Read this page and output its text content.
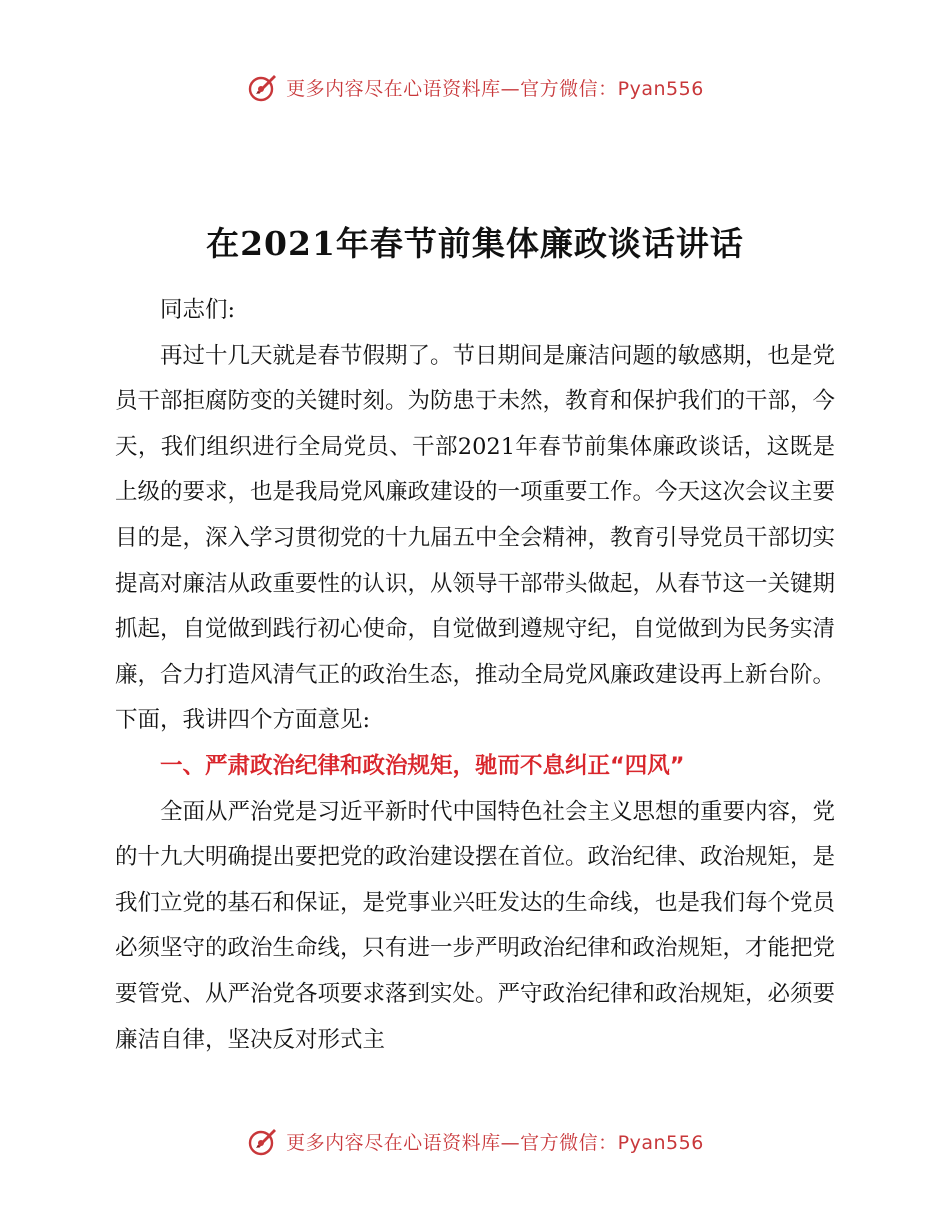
更多内容尽在心语资料库—官方微信：Pyan556
在2021年春节前集体廉政谈话讲话

同志们:

再过十几天就是春节假期了。节日期间是廉洁问题的敏感期，也是党员干部拒腐防变的关键时刻。为防患于未然，教育和保护我们的干部，今天，我们组织进行全局党员、干部2021年春节前集体廉政谈话，这既是上级的要求，也是我局党风廉政建设的一项重要工作。今天这次会议主要目的是，深入学习贯彻党的十九届五中全会精神，教育引导党员干部切实提高对廉洁从政重要性的认识，从领导干部带头做起，从春节这一关键期抓起，自觉做到践行初心使命，自觉做到遵规守纪，自觉做到为民务实清廉，合力打造风清气正的政治生态，推动全局党风廉政建设再上新台阶。下面，我讲四个方面意见:

一、严肃政治纪律和政治规矩，驰而不息纠正“四风”

全面从严治党是习近平新时代中国特色社会主义思想的重要内容，党的十九大明确提出要把党的政治建设摆在首位。政治纪律、政治规矩，是我们立党的基石和保证，是党事业兴旺发达的生命线，也是我们每个党员必须坚守的政治生命线，只有进一步严明政治纪律和政治规矩，才能把党要管党、从严治党各项要求落到实处。严守政治纪律和政治规矩，必须要廉洁自律，坚决反对形式主

更多内容尽在心语资料库—官方微信：Pyan556
